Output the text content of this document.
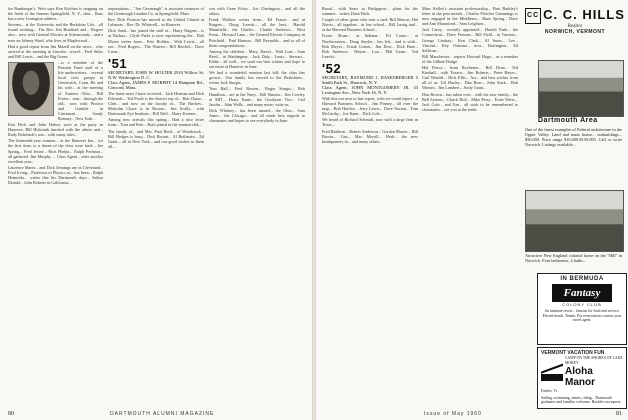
for Bamberger's. West says Ken Kitchen is stepping on the heels of the famous Springfield, N. Y., shot... Buss has a new Lexington address...

Stevens... at the University and the Berkshire Life... all found working... The Rev. Jim Bradford and... Rogers also... now with General Electric at Schenectady... and a note on Johnny Ward, who lives in Maplewood...

Had a good report from Jim Mazell on the news... who arrived at the meeting in Lincoln... travel... Fred Stiles and Bill Lewis... and the Big Green.

...is a member of the Pension Fund staff of a life underwriters... several local civic groups in Greenwich, Conn. He and his wife... at the meeting of Eastern Ohio... Bill Foster... sent... through the old... now with Proctor and Gamble in Cincinnati... Sandy Ramsay... New York...

Ken Fitch and John Halsey were at the party in Hanover; Bill Holcomb lunched with the others and... Rudy Rohrbach's son... with many tales...

The thirteenth-year reunion... at the Hanover Inn... for the first time, to a dozen of the class were back... Joe Spring... Fred Irvine... Rich Phelps... Ralph Perlman... all gathered. Jim Murphy ... Class Agent... after another excellent year...

Laurence Maret... and Dick Jennings are in Cleveland... Fred Irving... Professor of Physics at... has been... Ralph Heinricks... writes that his Dartmouth days... Arthur Ekdahl... John Roberts in California...

terpretations... "Jon Cavanaugh" is assistant treasurer of the Greenough Lumber Co. at Springfield, Mass.

Rev. Dick Preston has moved to the United Church at Lebanon... Rev. Dr. Whitwell... in Hanover.

Dick Sand... has joined the staff of... Harry Nugent... is at Nashua... Clyde Parks is now representing the... Bob Morse writes from... Pete Holden... Walt Lewis... all see... Fred Rogers... The Warren... Bill Reichel... Dave Coon...

'51
SECRETARY, JOHN W. HOLTER 2910 Willow St. N.W. Washington D. C.
Class Agent, JAMES F. MURPHY 14 Hampton Rd., Concord, Mass.

The latest news I have received... Jack Herman and Dick Edwards... Ted Poole is the district rep of... Bob Chase... Clint... and now on the faculty of... The Birches... Malcolm Chase is in Boston... Jim Scully... with Dartmouth Eye Institute... Bill Weil... Harry Kremer...

Among new arrivals this spring... Had a nice letter from... Tom and Pete... Both joined in the reunion talk...

The family of... and Mrs. Paul Reed... of Woodstock... Bill Hedges is busy... Dick Bryant... Al Rothstein... Ed Grant... all in New York... and our good wishes to them all...

son with Gene Foley... Joe Cherington... and all the others.

Frank Wallace writes from... Ed Fraser... and at Rutgers... Doug Leavitt... all the best... Harold Mansfield... the Charles... Charlie Andrews... West Point... Howard Lane... the General Electric Company in Pittsfield... Paul Hanson... Bill Reynolds... and to all of them congratulations...

Among the children... Mary, David... Walt Lutz... Sam Reed... in Washington... Jack Daly... Louis... Stewart... Eddie... all well... we send our best wishes and hope to see more at Hanover in June.

We had a wonderful reunion last fall; the class has grown... Our family has moved to the Berkshires... writes Jack Sturgis.

Tom Hall... Fred Bowen... Roger Sturgis... Bob Hamilton... are in the Navy... Bill Simons... Jim Cowley at MIT... Harry Kane... the Goodyear Tire... Carl Jacobs... John Wells... and many more; write us.

Dick Whitney... has been named... the Ohio... Sam Ames... the Chicago... and all sends best regards to classmates and hopes to see everybody in June.

80	DARTMOUTH ALUMNI MAGAZINE

Raoul... with Sears in Bridgeport... plans for the summer... writes Dana Fitch.

Couple of other gents who sent a card: Bill Marcus, Hal Norris... all together... in law school... Bill Lustig and... at the Harvard Business School...

Foster Sloan... at Indiana... Ed Carter... at Northwestern... Doug Snyder... has left... and is with... Bob Meyer... Frank Cotton... Jim Dow... Dick Hare... Bob Andrews... Wayne... Lou... Phil Grant... Ted Leavitt...

'52
SECRETARY, RAYMOND J. RASENBERGER 5 Smith Park St., Hancock, N. Y.
Class Agent, JOHN MONTGOMERY JR. 33 Lexington Ave., New York 16, N. Y.

With this our next to last report, wish we could report... a Harvard Business School... Jim Pinney... all over the map... Bob Hawley... Jerry Lewis... Dave Norton... Tom McCarthy... Joe Kane... Dick Cole...

We heard of Richard Schmidt, now with a large firm in Texas...

Fred Baldwin... Robert Anderson... Gordon Mason... Bill Brown... Gus... Mac Merrill... Herb... the new headquarters in... and many others.

Marc Kelley's assistant professorship... Bart Barkley's letter in the past month... Charles Fletcher Cummings is now engaged in the Middlesex... Buzz Spring... Dave and Ann Mountford... Sam Leighton...

Jack Carey... recently appointed... Harold Nash... the Connecticut... Dave Parsons... Bill Field... in Toronto... George Lindsay... Ken Clark... Al Snow... Lee... Vincent... Roy Osborne... now... Burlington... Ed Sullivan...

Bill Manchester... reports Howard Hugo... as a member of the Gilbert-Dodge.

Hal Pierce... from Rochester... Bill Dean... Ted Kimball... with Texaco... Jim Roberts... Peter Hayes... Carl Wendel... Dick Ellis... Art... and best wishes from all of us. Gil Hurley... Dan Ross... John Stark... Bob Warner... Jim Lambert... Andy Grant...

Don Brown... has taken over... with his new family... the Bell System... Chuck Holt... Mike Perry... Ernie Weiss... Jack Cole... and Jim... all wish to be remembered to classmates... see you at the tenth.

CC C. C. HILLS
Realtor
NORWICH, VERMONT
Dartmouth Area
One of the finest examples of Federal architecture in the Upper Valley. Land and main house... outbuildings... $50,000. Price range $10,000-$150,000. Call or write Norwich. Listings available...
Attractive New England colonial home on the "Hill" in Norwich. Four bedrooms, 2 baths...
IN BERMUDA
Fantasy
COLONY CLUB
An intimate resort... famous for food and service. Private beach. Tennis. For reservations contact your travel agent.
VERMONT VACATION FUN
CAMP ON THE SHORES OF LAKE MOREY
Aloha Manor
Fairlee, Vt.
Sailing, swimming, tennis, riding... Dartmouth graduates and families welcome. Booklet on request.
Issue of May 1960	81
